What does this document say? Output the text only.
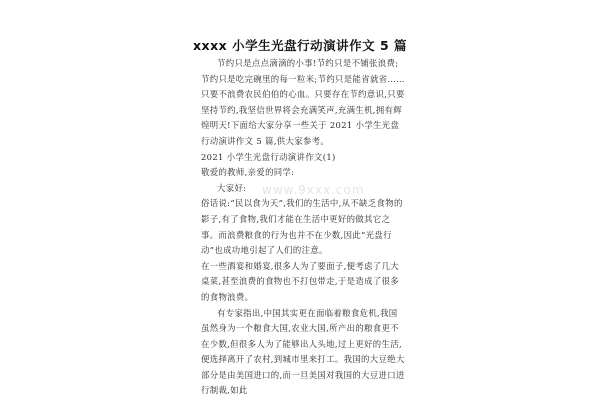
xxxx 小学生光盘行动演讲作文 5 篇
www.9xxx.com

节约只是点点滴滴的小事!节约只是不铺张浪费;节约只是吃完碗里的每一粒米;节约只是能省就省……只要不浪费农民伯伯的心血。只要存在节约意识,只要坚持节约,我坚信世界将会充满笑声,充满生机,拥有辉煌明天!下面给大家分享一些关于 2021 小学生光盘行动演讲作文 5 篇,供大家参考。

2021 小学生光盘行动演讲作文(1)

敬爱的教师,亲爱的同学:

大家好:

俗话说:“民以食为天”,我们的生活中,从不缺乏食物的影子,有了食物,我们才能在生活中更好的做其它之事。而浪费粮食的行为也并不在少数,因此“光盘行动”也成功地引起了人们的注意。

在一些酒宴和婚宴,很多人为了要面子,便考虑了几大桌菜,甚至浪费的食物也不打包带走,于是造成了很多的食物浪费。

有专家指出,中国其实更在面临着粮食危机,我国虽然身为一个粮食大国,农业大国,所产出的粮食更不在少数,但很多人为了能够出人头地,过上更好的生活,便选择离开了农村,到城市里来打工。我国的大豆绝大部分是由美国进口的,而一旦美国对我国的大豆进口进行制裁,如此
